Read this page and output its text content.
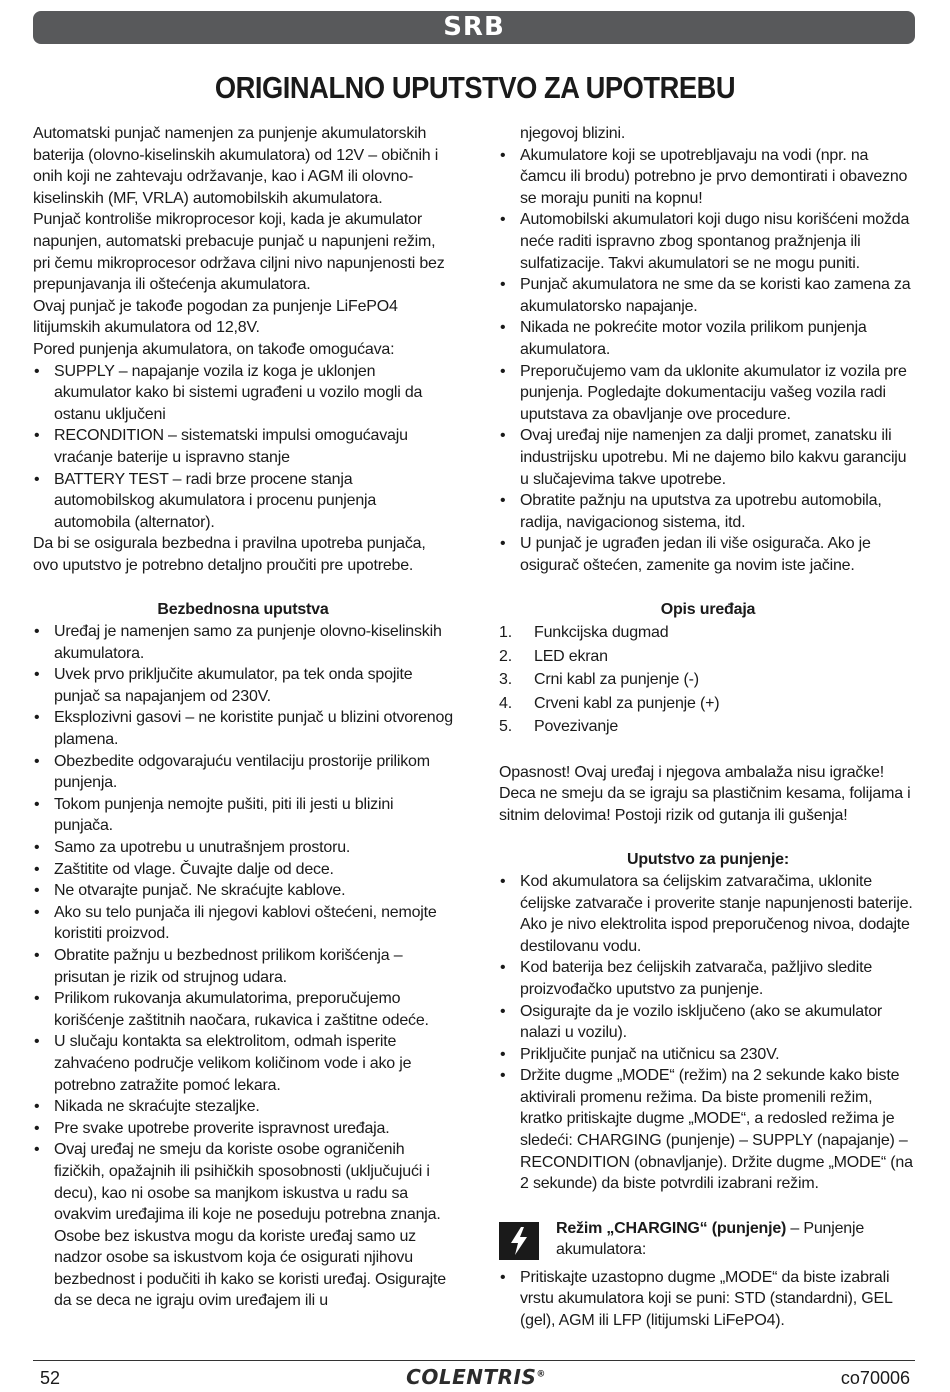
SRB
ORIGINALNO UPUTSTVO ZA UPOTREBU

Automatski punjač namenjen za punjenje akumulatorskih baterija (olovno-kiselinskih akumulatora) od 12V – običnih i onih koji ne zahtevaju održavanje, kao i AGM ili olovno-kiselinskih (MF, VRLA) automobilskih akumulatora.

Punjač kontroliše mikroprocesor koji, kada je akumulator napunjen, automatski prebacuje punjač u napunjeni režim, pri čemu mikroprocesor održava ciljni nivo napunjenosti bez prepunjavanja ili oštećenja akumulatora.

Ovaj punjač je takođe pogodan za punjenje LiFePO4 litijumskih akumulatora od 12,8V.

Pored punjenja akumulatora, on takođe omogućava:

• SUPPLY – napajanje vozila iz koga je uklonjen akumulator kako bi sistemi ugrađeni u vozilo mogli da ostanu uključeni
• RECONDITION – sistematski impulsi omogućavaju vraćanje baterije u ispravno stanje
• BATTERY TEST – radi brze procene stanja automobilskog akumulatora i procenu punjenja automobila (alternator).

Da bi se osigurala bezbedna i pravilna upotreba punjača, ovo uputstvo je potrebno detaljno proučiti pre upotrebe.

Bezbednosna uputstva

• Uređaj je namenjen samo za punjenje olovno-kiselinskih akumulatora.
• Uvek prvo priključite akumulator, pa tek onda spojite punjač sa napajanjem od 230V.
• Eksplozivni gasovi – ne koristite punjač u blizini otvorenog plamena.
• Obezbedite odgovarajuću ventilaciju prostorije prilikom punjenja.
• Tokom punjenja nemojte pušiti, piti ili jesti u blizini punjača.
• Samo za upotrebu u unutrašnjem prostoru.
• Zaštitite od vlage. Čuvajte dalje od dece.
• Ne otvarajte punjač. Ne skraćujte kablove.
• Ako su telo punjača ili njegovi kablovi oštećeni, nemojte koristiti proizvod.
• Obratite pažnju u bezbednost prilikom korišćenja – prisutan je rizik od strujnog udara.
• Prilikom rukovanja akumulatorima, preporučujemo korišćenje zaštitnih naočara, rukavica i zaštitne odeće.
• U slučaju kontakta sa elektrolitom, odmah isperite zahvaćeno područje velikom količinom vode i ako je potrebno zatražite pomoć lekara.
• Nikada ne skraćujte stezaljke.
• Pre svake upotrebe proverite ispravnost uređaja.
• Ovaj uređaj ne smeju da koriste osobe ograničenih fizičkih, opažajnih ili psihičkih sposobnosti (uključujući i decu), kao ni osobe sa manjkom iskustva u radu sa ovakvim uređajima ili koje ne poseduju potrebna znanja. Osobe bez iskustva mogu da koriste uređaj samo uz nadzor osobe sa iskustvom koja će osigurati njihovu bezbednost i podučiti ih kako se koristi uređaj. Osigurajte da se deca ne igraju ovim uređajem ili u

njegovoj blizini.

• Akumulatore koji se upotrebljavaju na vodi (npr. na čamcu ili brodu) potrebno je prvo demontirati i obavezno se moraju puniti na kopnu!
• Automobilski akumulatori koji dugo nisu korišćeni možda neće raditi ispravno zbog spontanog pražnjenja ili sulfatizacije. Takvi akumulatori se ne mogu puniti.
• Punjač akumulatora ne sme da se koristi kao zamena za akumulatorsko napajanje.
• Nikada ne pokrećite motor vozila prilikom punjenja akumulatora.
• Preporučujemo vam da uklonite akumulator iz vozila pre punjenja. Pogledajte dokumentaciju vašeg vozila radi uputstava za obavljanje ove procedure.
• Ovaj uređaj nije namenjen za dalji promet, zanatsku ili industrijsku upotrebu. Mi ne dajemo bilo kakvu garanciju u slučajevima takve upotrebe.
• Obratite pažnju na uputstva za upotrebu automobila, radija, navigacionog sistema, itd.
• U punjač je ugrađen jedan ili više osigurača. Ako je osigurač oštećen, zamenite ga novim iste jačine.

Opis uređaja

1. Funkcijska dugmad
2. LED ekran
3. Crni kabl za punjenje (-)
4. Crveni kabl za punjenje (+)
5. Povezivanje

Opasnost! Ovaj uređaj i njegova ambalaža nisu igračke! Deca ne smeju da se igraju sa plastičnim kesama, folijama i sitnim delovima! Postoji rizik od gutanja ili gušenja!

Uputstvo za punjenje:

• Kod akumulatora sa ćelijskim zatvaračima, uklonite ćelijske zatvarače i proverite stanje napunjenosti baterije. Ako je nivo elektrolita ispod preporučenog nivoa, dodajte destilovanu vodu.
• Kod baterija bez ćelijskih zatvarača, pažljivo sledite proizvođačko uputstvo za punjenje.
• Osigurajte da je vozilo isključeno (ako se akumulator nalazi u vozilu).
• Priključite punjač na utičnicu sa 230V.
• Držite dugme „MODE“ (režim) na 2 sekunde kako biste aktivirali promenu režima. Da biste promenili režim, kratko pritiskajte dugme „MODE“, a redosled režima je sledeći: CHARGING (punjenje) – SUPPLY (napajanje) – RECONDITION (obnavljanje). Držite dugme „MODE“ (na 2 sekunde) da biste potvrdili izabrani režim.
Režim „CHARGING“ (punjenje) – Punjenje akumulatora:
• Pritiskajte uzastopno dugme „MODE“ da biste izabrali vrstu akumulatora koji se puni: STD (standardni), GEL (gel), AGM ili LFP (litijumski LiFePO4).
52	COLENTRIS®	co70006
